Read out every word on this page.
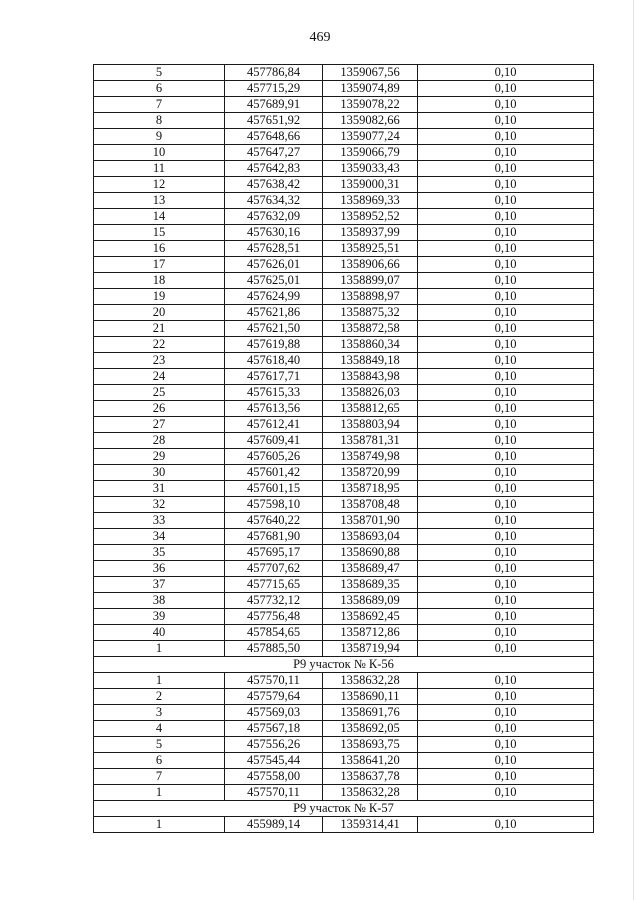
469
5	457786,84	1359067,56	0,10
6	457715,29	1359074,89	0,10
7	457689,91	1359078,22	0,10
8	457651,92	1359082,66	0,10
9	457648,66	1359077,24	0,10
10	457647,27	1359066,79	0,10
11	457642,83	1359033,43	0,10
12	457638,42	1359000,31	0,10
13	457634,32	1358969,33	0,10
14	457632,09	1358952,52	0,10
15	457630,16	1358937,99	0,10
16	457628,51	1358925,51	0,10
17	457626,01	1358906,66	0,10
18	457625,01	1358899,07	0,10
19	457624,99	1358898,97	0,10
20	457621,86	1358875,32	0,10
21	457621,50	1358872,58	0,10
22	457619,88	1358860,34	0,10
23	457618,40	1358849,18	0,10
24	457617,71	1358843,98	0,10
25	457615,33	1358826,03	0,10
26	457613,56	1358812,65	0,10
27	457612,41	1358803,94	0,10
28	457609,41	1358781,31	0,10
29	457605,26	1358749,98	0,10
30	457601,42	1358720,99	0,10
31	457601,15	1358718,95	0,10
32	457598,10	1358708,48	0,10
33	457640,22	1358701,90	0,10
34	457681,90	1358693,04	0,10
35	457695,17	1358690,88	0,10
36	457707,62	1358689,47	0,10
37	457715,65	1358689,35	0,10
38	457732,12	1358689,09	0,10
39	457756,48	1358692,45	0,10
40	457854,65	1358712,86	0,10
1	457885,50	1358719,94	0,10
Р9 участок № К-56			
1	457570,11	1358632,28	0,10
2	457579,64	1358690,11	0,10
3	457569,03	1358691,76	0,10
4	457567,18	1358692,05	0,10
5	457556,26	1358693,75	0,10
6	457545,44	1358641,20	0,10
7	457558,00	1358637,78	0,10
1	457570,11	1358632,28	0,10
Р9 участок № К-57			
1	455989,14	1359314,41	0,10
